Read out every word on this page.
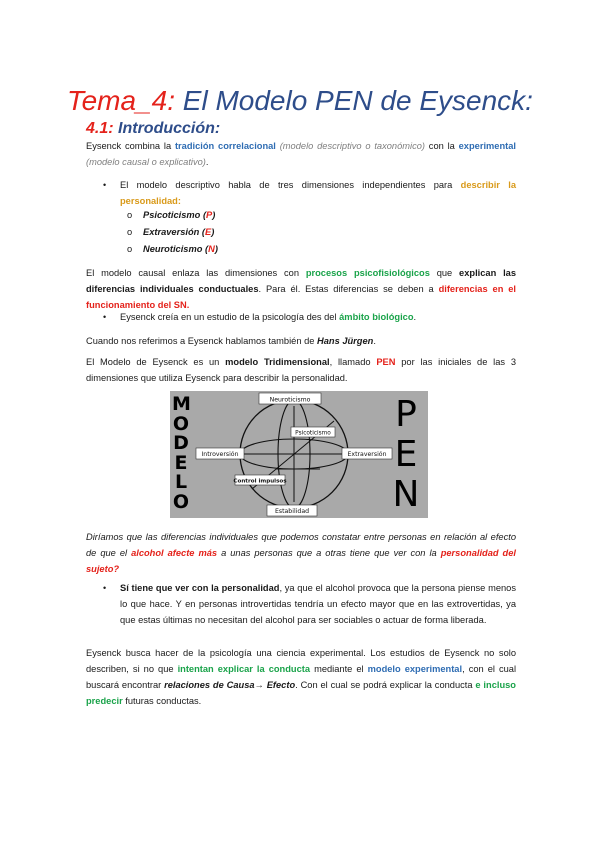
Tema_4: El Modelo PEN de Eysenck:
4.1: Introducción:
Eysenck combina la tradición correlacional (modelo descriptivo o taxonómico) con la experimental (modelo causal o explicativo).
• El modelo descriptivo habla de tres dimensiones independientes para describir la personalidad:
o Psicoticismo (P)
o Extraversión (E)
o Neuroticismo (N)
El modelo causal enlaza las dimensiones con procesos psicofisiológicos que explican las diferencias individuales conductuales. Para él. Estas diferencias se deben a diferencias en el funcionamiento del SN.
• Eysenck creía en un estudio de la psicología des del ámbito biológico.
Cuando nos referimos a Eysenck hablamos también de Hans Jürgen.
El Modelo de Eysenck es un modelo Tridimensional, llamado PEN por las iniciales de las 3 dimensiones que utiliza Eysenck para describir la personalidad.
M
O
D
E
L
O
P
E
N
Neuroticismo
Estabilidad
Introversión	Extraversión
Psicoticismo
Control impulsos
Diríamos que las diferencias individuales que podemos constatar entre personas en relación al efecto de que el alcohol afecte más a unas personas que a otras tiene que ver con la personalidad del sujeto?
• Sí tiene que ver con la personalidad, ya que el alcohol provoca que la persona piense menos lo que hace. Y en personas introvertidas tendría un efecto mayor que en las extrovertidas, ya que estas últimas no necesitan del alcohol para ser sociables o actuar de forma liberada.
Eysenck busca hacer de la psicología una ciencia experimental. Los estudios de Eysenck no solo describen, si no que intentan explicar la conducta mediante el modelo experimental, con el cual buscará encontrar relaciones de Causa→ Efecto. Con el cual se podrá explicar la conducta e incluso predecir futuras conductas.
